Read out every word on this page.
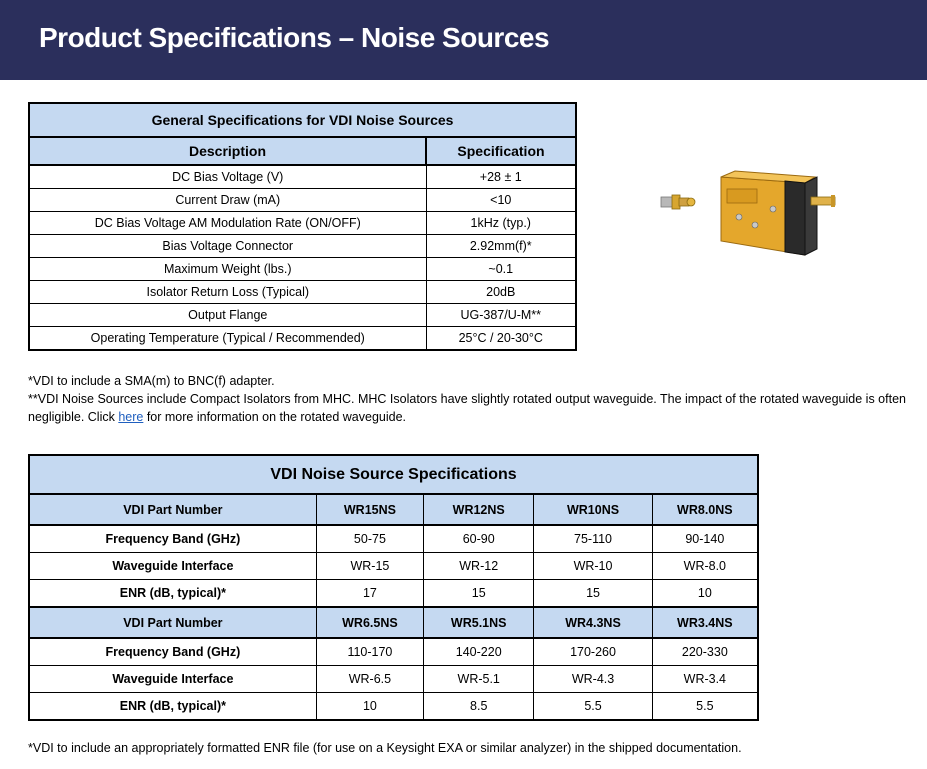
Product Specifications – Noise Sources
General Specifications for VDI Noise Sources	
Description	Specification
DC Bias Voltage (V)	+28 ± 1
Current Draw (mA)	<10
DC Bias Voltage AM Modulation Rate (ON/OFF)	1kHz (typ.)
Bias Voltage Connector	2.92mm(f)*
Maximum Weight (lbs.)	~0.1
Isolator Return Loss (Typical)	20dB
Output Flange	UG-387/U-M**
Operating Temperature (Typical / Recommended)	25°C / 20-30°C
*VDI to include a SMA(m) to BNC(f) adapter.
**VDI Noise Sources include Compact Isolators from MHC. MHC Isolators have slightly rotated output waveguide. The impact of the rotated waveguide is often negligible. Click here for more information on the rotated waveguide.
VDI Noise Source Specifications				
VDI Part Number	WR15NS	WR12NS	WR10NS	WR8.0NS
Frequency Band (GHz)	50-75	60-90	75-110	90-140
Waveguide Interface	WR-15	WR-12	WR-10	WR-8.0
ENR (dB, typical)*	17	15	15	10
VDI Part Number	WR6.5NS	WR5.1NS	WR4.3NS	WR3.4NS
Frequency Band (GHz)	110-170	140-220	170-260	220-330
Waveguide Interface	WR-6.5	WR-5.1	WR-4.3	WR-3.4
ENR (dB, typical)*	10	8.5	5.5	5.5
*VDI to include an appropriately formatted ENR file (for use on a Keysight EXA or similar analyzer) in the shipped documentation.
